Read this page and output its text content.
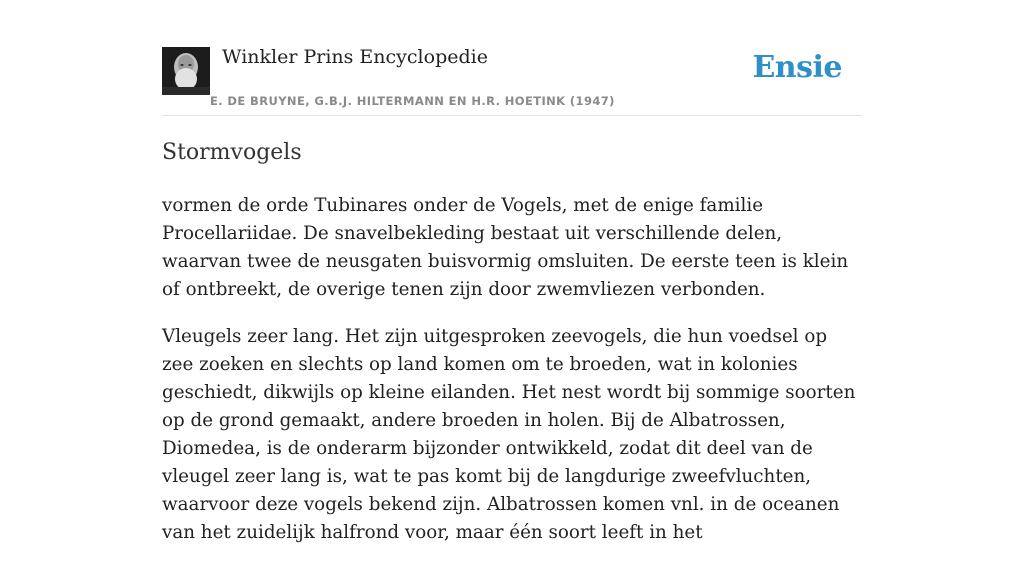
Winkler Prins Encyclopedie
E. DE BRUYNE, G.B.J. HILTERMANN EN H.R. HOETINK (1947)
Ensie
Stormvogels

vormen de orde Tubinares onder de Vogels, met de enige familie Procellariidae. De snavelbekleding bestaat uit verschillende delen, waarvan twee de neusgaten buisvormig omsluiten. De eerste teen is klein of ontbreekt, de overige tenen zijn door zwemvliezen verbonden.

Vleugels zeer lang. Het zijn uitgesproken zeevogels, die hun voedsel op zee zoeken en slechts op land komen om te broeden, wat in kolonies geschiedt, dikwijls op kleine eilanden. Het nest wordt bij sommige soorten op de grond gemaakt, andere broeden in holen. Bij de Albatrossen, Diomedea, is de onderarm bijzonder ontwikkeld, zodat dit deel van de vleugel zeer lang is, wat te pas komt bij de langdurige zweefvluchten, waarvoor deze vogels bekend zijn. Albatrossen komen vnl. in de oceanen van het zuidelijk halfrond voor, maar één soort leeft in het
